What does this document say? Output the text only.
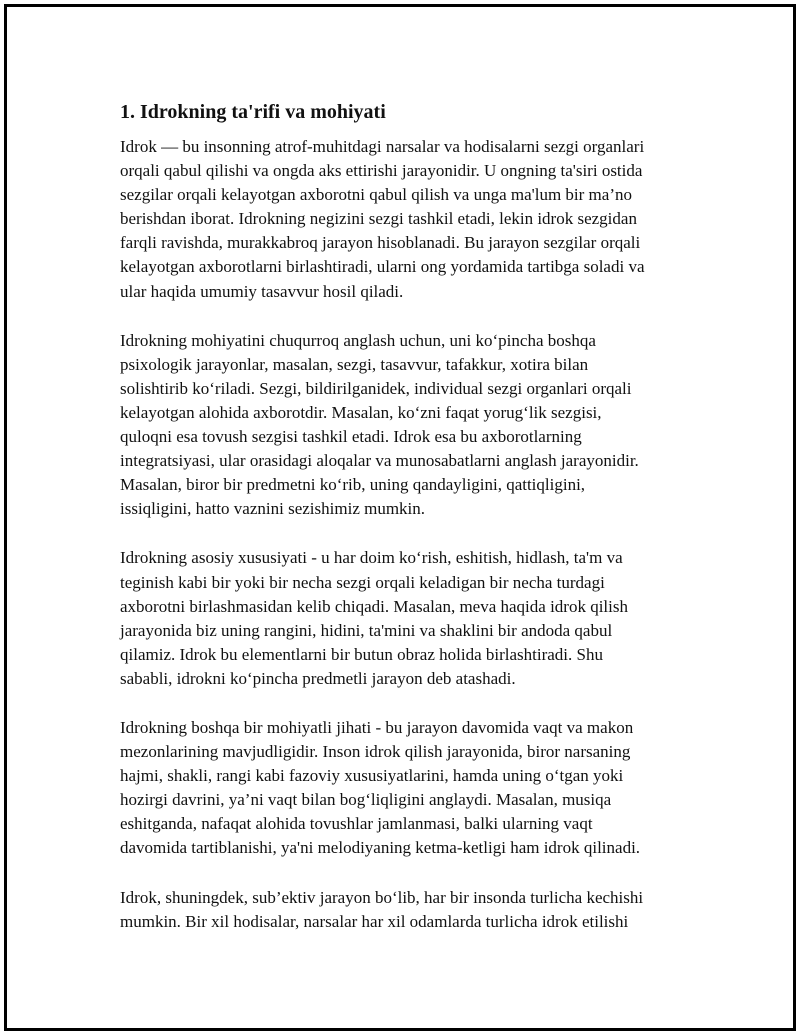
1. Idrokning ta'rifi va mohiyati
Idrok — bu insonning atrof-muhitdagi narsalar va hodisalarni sezgi organlari
orqali qabul qilishi va ongda aks ettirishi jarayonidir. U ongning ta'siri ostida
sezgilar orqali kelayotgan axborotni qabul qilish va unga ma'lum bir ma’no
berishdan iborat. Idrokning negizini sezgi tashkil etadi, lekin idrok sezgidan
farqli ravishda, murakkabroq jarayon hisoblanadi. Bu jarayon sezgilar orqali
kelayotgan axborotlarni birlashtiradi, ularni ong yordamida tartibga soladi va
ular haqida umumiy tasavvur hosil qiladi.
Idrokning mohiyatini chuqurroq anglash uchun, uni ko‘pincha boshqa
psixologik jarayonlar, masalan, sezgi, tasavvur, tafakkur, xotira bilan
solishtirib ko‘riladi. Sezgi, bildirilganidek, individual sezgi organlari orqali
kelayotgan alohida axborotdir. Masalan, ko‘zni faqat yorug‘lik sezgisi,
quloqni esa tovush sezgisi tashkil etadi. Idrok esa bu axborotlarning
integratsiyasi, ular orasidagi aloqalar va munosabatlarni anglash jarayonidir.
Masalan, biror bir predmetni ko‘rib, uning qandayligini, qattiqligini,
issiqligini, hatto vaznini sezishimiz mumkin.
Idrokning asosiy xususiyati - u har doim ko‘rish, eshitish, hidlash, ta'm va
teginish kabi bir yoki bir necha sezgi orqali keladigan bir necha turdagi
axborotni birlashmasidan kelib chiqadi. Masalan, meva haqida idrok qilish
jarayonida biz uning rangini, hidini, ta'mini va shaklini bir andoda qabul
qilamiz. Idrok bu elementlarni bir butun obraz holida birlashtiradi. Shu
sababli, idrokni ko‘pincha predmetli jarayon deb atashadi.
Idrokning boshqa bir mohiyatli jihati - bu jarayon davomida vaqt va makon
mezonlarining mavjudligidir. Inson idrok qilish jarayonida, biror narsaning
hajmi, shakli, rangi kabi fazoviy xususiyatlarini, hamda uning o‘tgan yoki
hozirgi davrini, ya’ni vaqt bilan bog‘liqligini anglaydi. Masalan, musiqa
eshitganda, nafaqat alohida tovushlar jamlanmasi, balki ularning vaqt
davomida tartiblanishi, ya'ni melodiyaning ketma-ketligi ham idrok qilinadi.
Idrok, shuningdek, sub’ektiv jarayon bo‘lib, har bir insonda turlicha kechishi
mumkin. Bir xil hodisalar, narsalar har xil odamlarda turlicha idrok etilishi
